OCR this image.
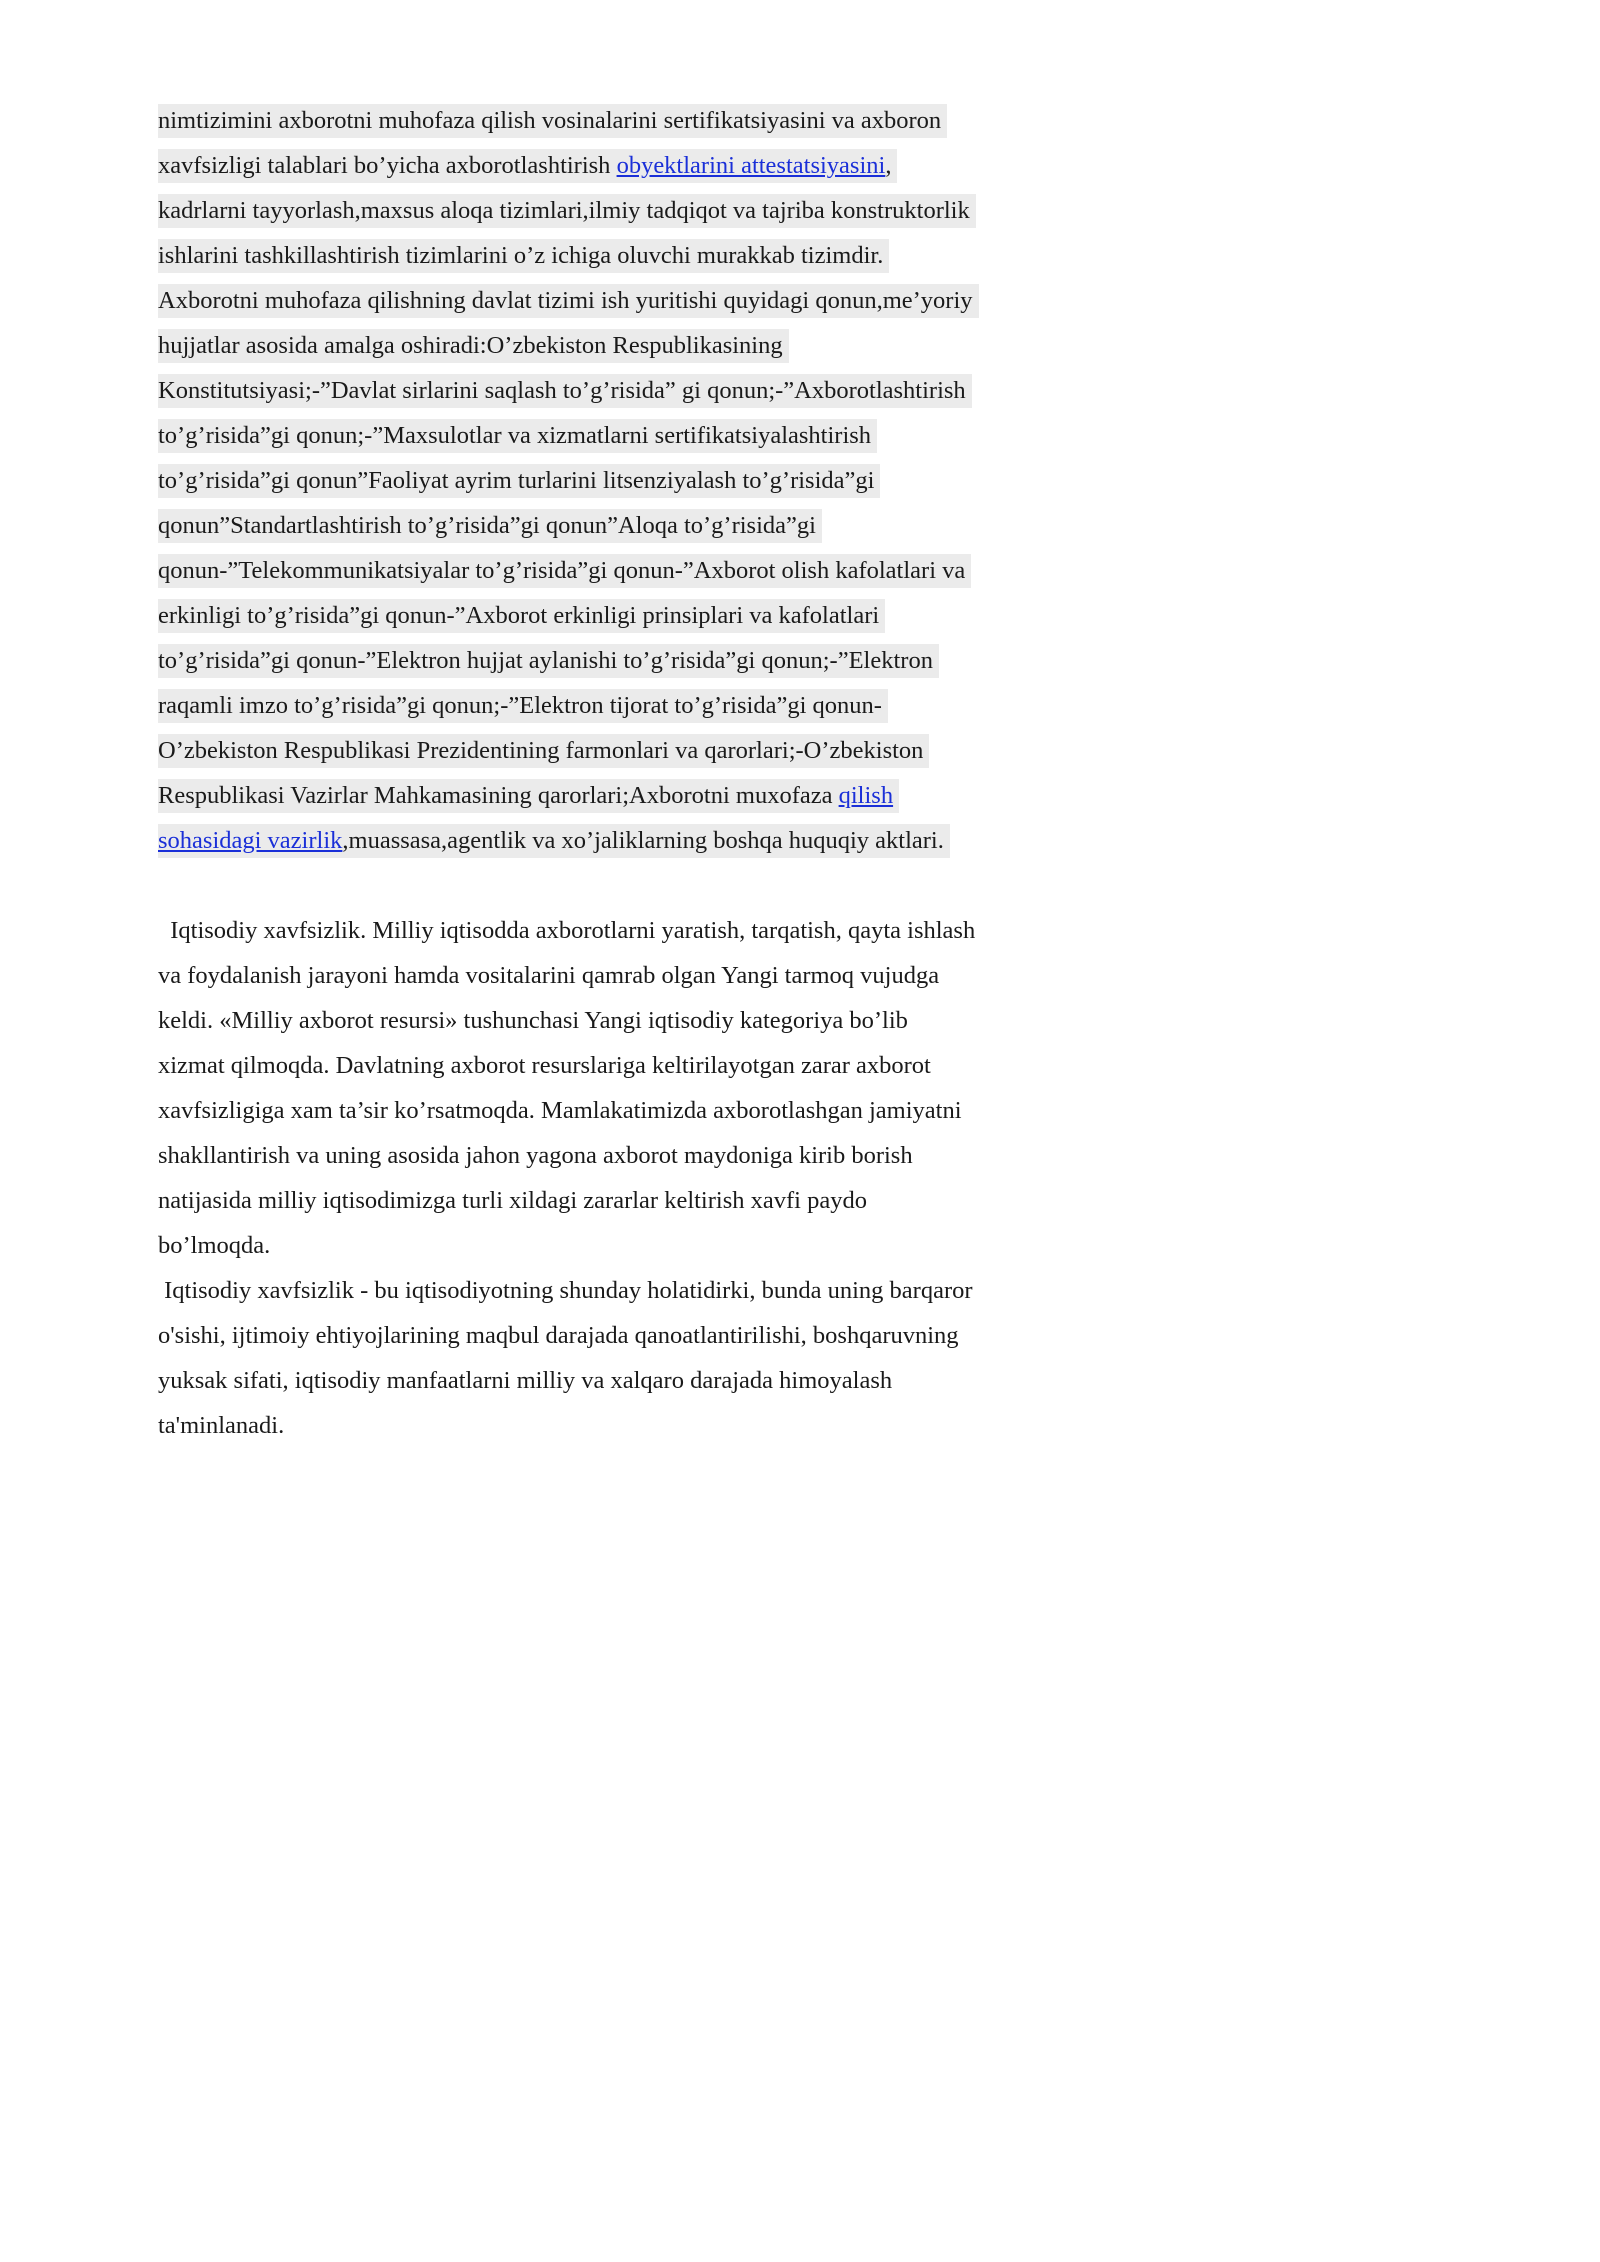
nimtizimini axborotni muhofaza qilish vosinalarini sertifikatsiyasini va axboron

xavfsizligi talablari bo’yicha axborotlashtirish obyektlarini attestatsiyasini,

kadrlarni tayyorlash,maxsus aloqa tizimlari,ilmiy tadqiqot va tajriba konstruktorlik

ishlarini tashkillashtirish tizimlarini o’z ichiga oluvchi murakkab tizimdir.

Axborotni muhofaza qilishning davlat tizimi ish yuritishi quyidagi qonun,me’yoriy

hujjatlar asosida amalga oshiradi:O’zbekiston Respublikasining

Konstitutsiyasi;-”Davlat sirlarini saqlash to’g’risida” gi qonun;-”Axborotlashtirish

to’g’risida”gi qonun;-”Maxsulotlar va xizmatlarni sertifikatsiyalashtirish

to’g’risida”gi qonun”Faoliyat ayrim turlarini litsenziyalash to’g’risida”gi

qonun”Standartlashtirish to’g’risida”gi qonun”Aloqa to’g’risida”gi

qonun-”Telekommunikatsiyalar to’g’risida”gi qonun-”Axborot olish kafolatlari va

erkinligi to’g’risida”gi qonun-”Axborot erkinligi prinsiplari va kafolatlari

to’g’risida”gi qonun-”Elektron hujjat aylanishi to’g’risida”gi qonun;-”Elektron

raqamli imzo to’g’risida”gi qonun;-”Elektron tijorat to’g’risida”gi qonun-

O’zbekiston Respublikasi Prezidentining farmonlari va qarorlari;-O’zbekiston

Respublikasi Vazirlar Mahkamasining qarorlari;Axborotni muxofaza qilish

sohasidagi vazirlik,muassasa,agentlik va xo’jaliklarning boshqa huquqiy aktlari.

Iqtisodiy xavfsizlik. Milliy iqtisodda axborotlarni yaratish, tarqatish, qayta ishlash

va foydalanish jarayoni hamda vositalarini qamrab olgan Yangi tarmoq vujudga

keldi. «Milliy axborot resursi» tushunchasi Yangi iqtisodiy kategoriya bo’lib

xizmat qilmoqda. Davlatning axborot resurslariga keltirilayotgan zarar axborot

xavfsizligiga xam ta’sir ko’rsatmoqda. Mamlakatimizda axborotlashgan jamiyatni

shakllantirish va uning asosida jahon yagona axborot maydoniga kirib borish

natijasida milliy iqtisodimizga turli xildagi zararlar keltirish xavfi paydo

bo’lmoqda.

Iqtisodiy xavfsizlik - bu iqtisodiyotning shunday holatidirki, bunda uning barqaror

o'sishi, ijtimoiy ehtiyojlarining maqbul darajada qanoatlantirilishi, boshqaruvning

yuksak sifati, iqtisodiy manfaatlarni milliy va xalqaro darajada himoyalash

ta'minlanadi.
